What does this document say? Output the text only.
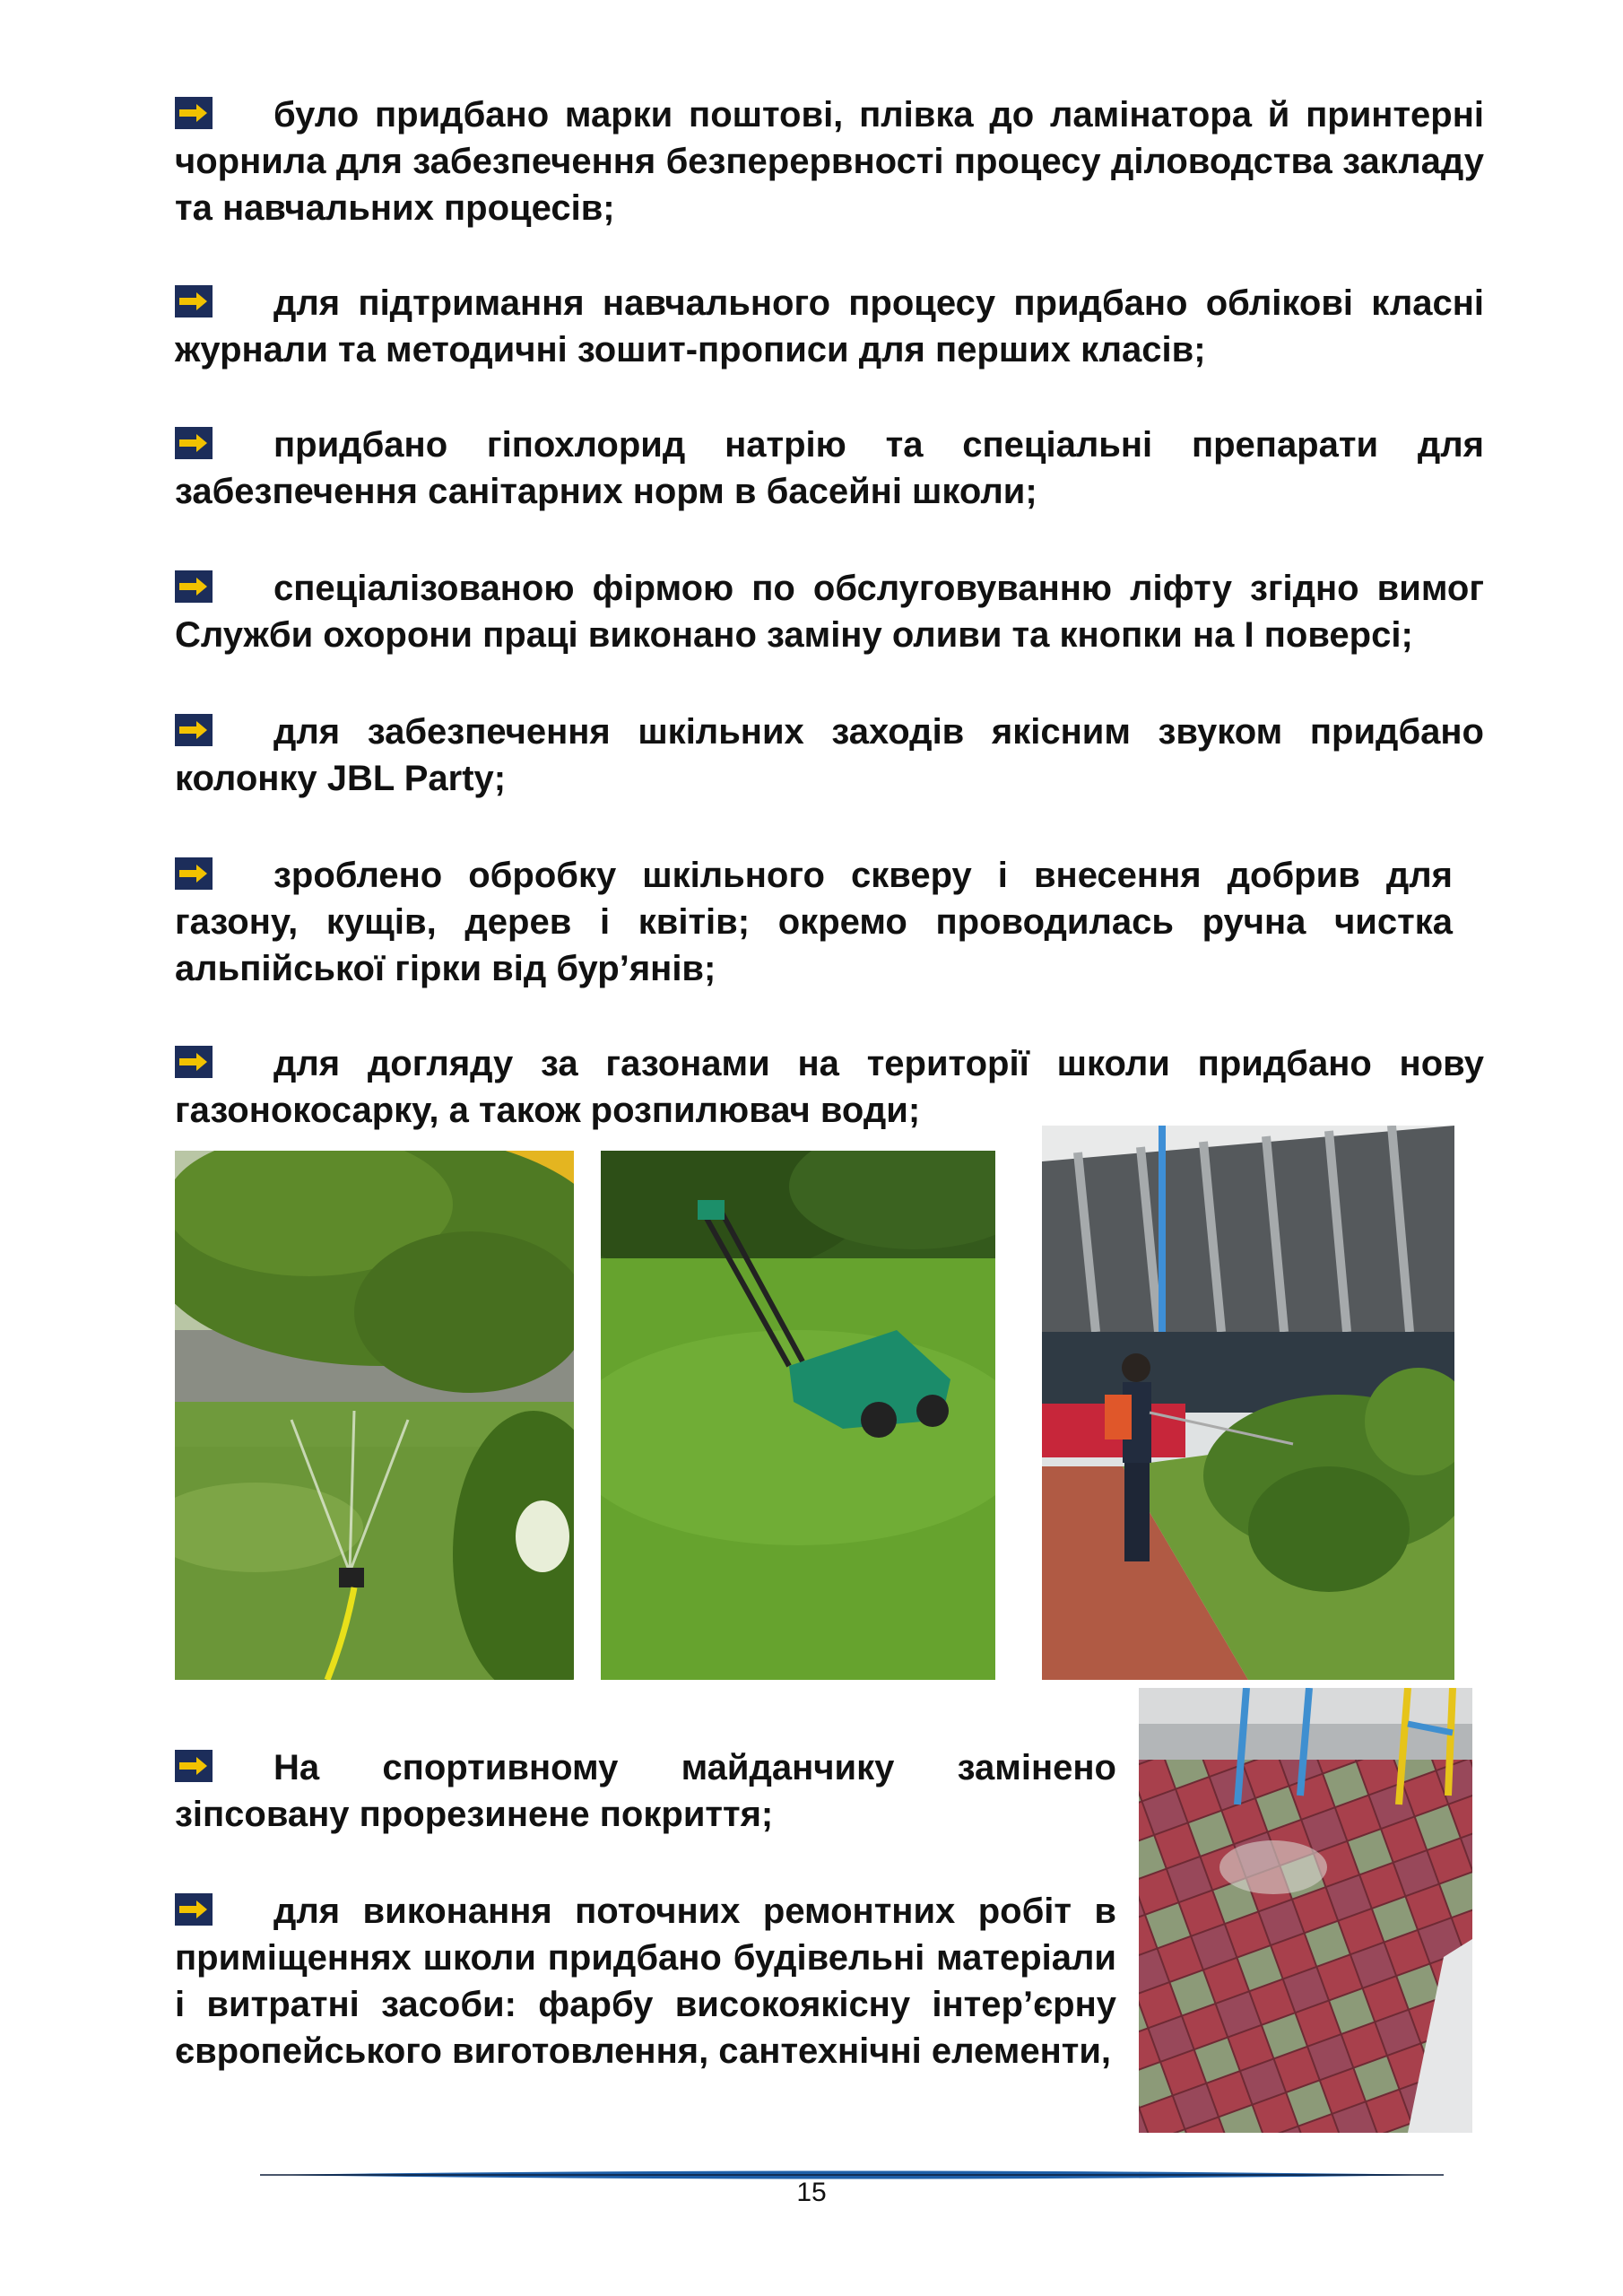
було придбано марки поштові, плівка до ламінатора й принтерні чорнила для забезпечення безперервності процесу діловодства закладу та навчальних процесів;
для підтримання навчального процесу придбано облікові класні журнали та методичні зошит-прописи для перших класів;
придбано гіпохлорид натрію та спеціальні препарати для забезпечення санітарних норм в басейні школи;
спеціалізованою фірмою по обслуговуванню ліфту згідно вимог Служби охорони праці виконано заміну оливи та кнопки на І поверсі;
для забезпечення шкільних заходів якісним звуком придбано колонку JBL Party;
зроблено обробку шкільного скверу і внесення добрив для газону, кущів, дерев і квітів; окремо проводилась ручна чистка альпійської гірки від бур’янів;
для догляду за газонами на території школи придбано нову газонокосарку, а також розпилювач води;
На спортивному майданчику замінено зіпсовану прорезинене покриття;
для виконання поточних ремонтних робіт в приміщеннях школи придбано будівельні матеріали і витратні засоби: фарбу високоякісну інтер’єрну європейського виготовлення, сантехнічні елементи,
15
